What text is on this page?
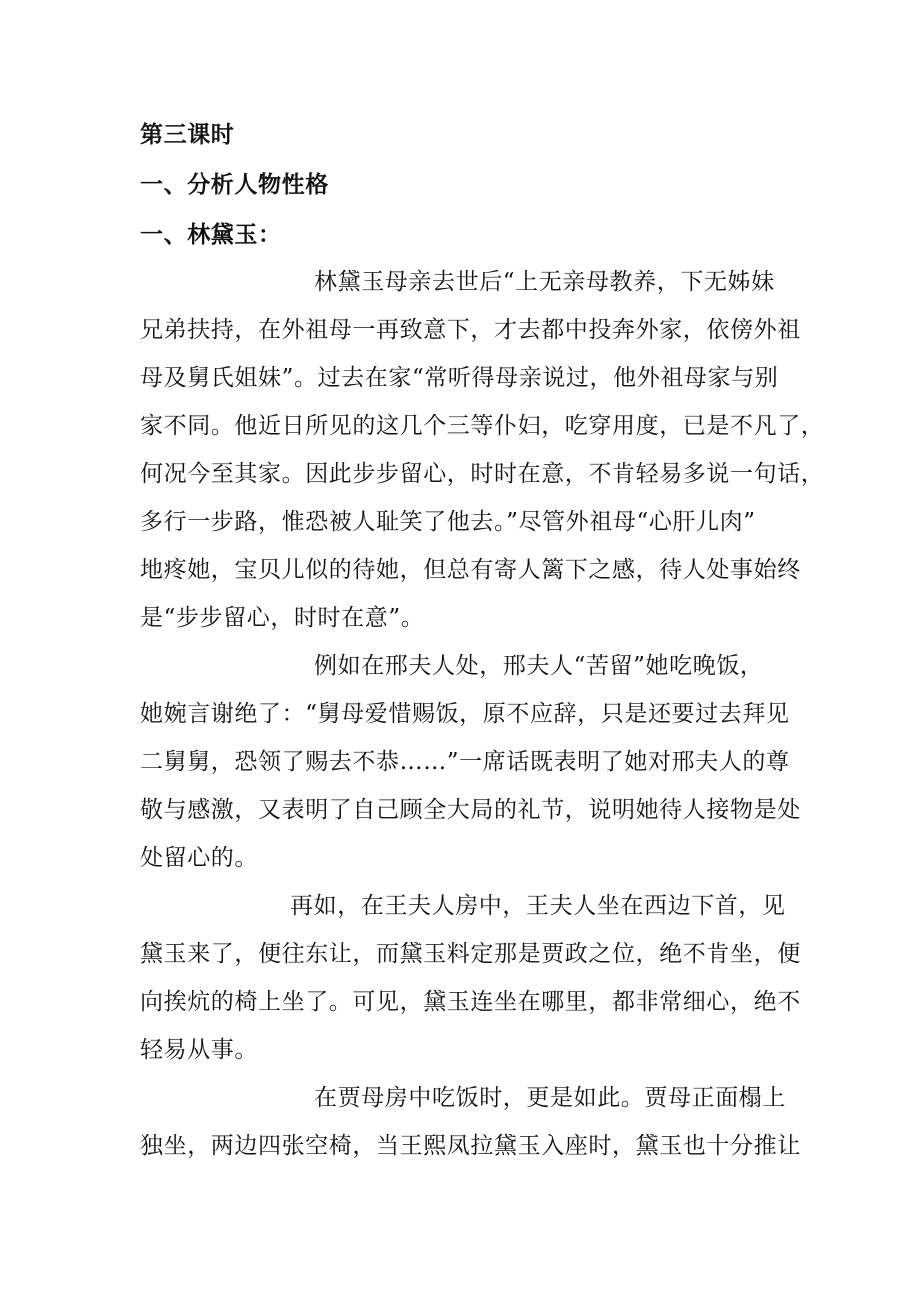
第三课时
一、分析人物性格
一、林黛玉：
林黛玉母亲去世后“上无亲母教养，下无姊妹
兄弟扶持，在外祖母一再致意下，才去都中投奔外家，依傍外祖
母及舅氏姐妹”。过去在家“常听得母亲说过，他外祖母家与别
家不同。他近日所见的这几个三等仆妇，吃穿用度，已是不凡了，
何况今至其家。因此步步留心，时时在意，不肯轻易多说一句话，
多行一步路，惟恐被人耻笑了他去。”尽管外祖母“心肝儿肉”
地疼她，宝贝儿似的待她，但总有寄人篱下之感，待人处事始终
是“步步留心，时时在意”。
例如在邢夫人处，邢夫人“苦留”她吃晚饭，
她婉言谢绝了：“舅母爱惜赐饭，原不应辞，只是还要过去拜见
二舅舅，恐领了赐去不恭……”一席话既表明了她对邢夫人的尊
敬与感激，又表明了自己顾全大局的礼节，说明她待人接物是处
处留心的。
再如，在王夫人房中，王夫人坐在西边下首，见
黛玉来了，便往东让，而黛玉料定那是贾政之位，绝不肯坐，便
向挨炕的椅上坐了。可见，黛玉连坐在哪里，都非常细心，绝不
轻易从事。
在贾母房中吃饭时，更是如此。贾母正面榻上
独坐，两边四张空椅，当王熙凤拉黛玉入座时，黛玉也十分推让
